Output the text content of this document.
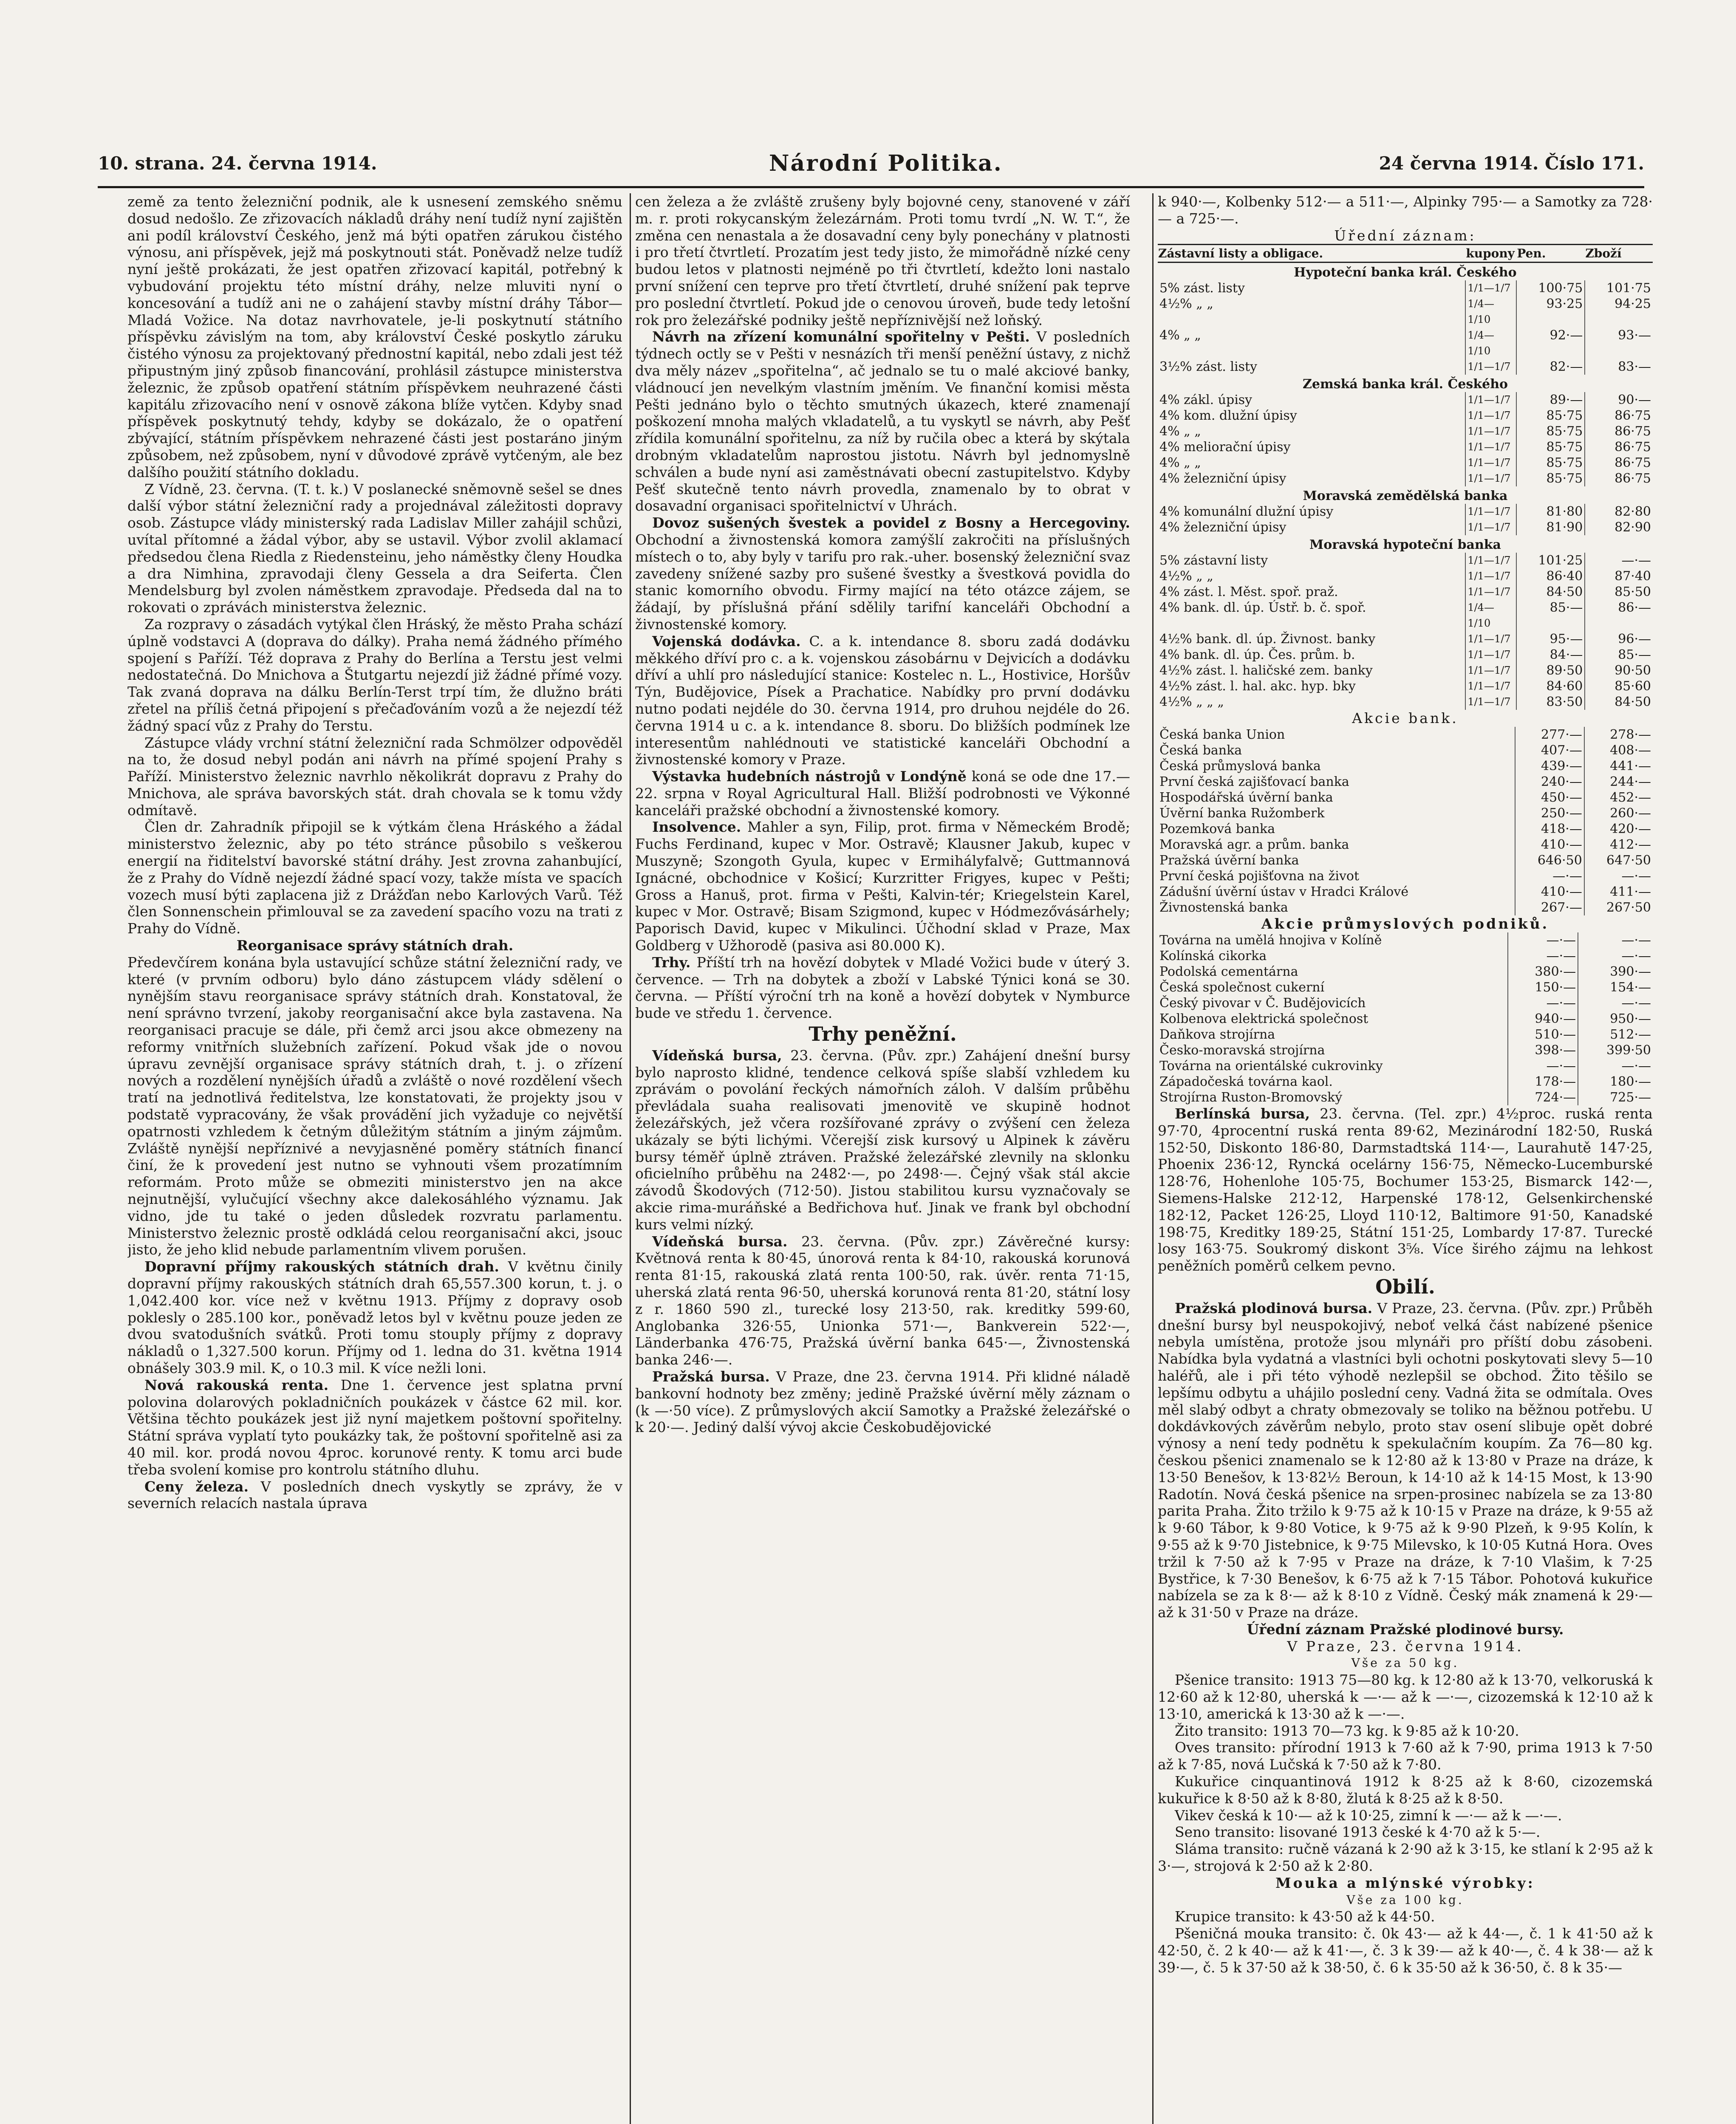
10. strana. 24. června 1914.	Národní Politika.	24 června 1914. Číslo 171.

země za tento železniční podnik, ale k usnesení zemského sněmu dosud nedošlo. Ze zřizovacích nákladů dráhy není tudíž nyní zajištěn ani podíl království Českého, jenž má býti opatřen zárukou čistého výnosu, ani příspěvek, jejž má poskytnouti stát. Poněvadž nelze tudíž nyní ještě prokázati, že jest opatřen zřizovací kapitál, potřebný k vybudování projektu této místní dráhy, nelze mluviti nyní o koncesování a tudíž ani ne o zahájení stavby místní dráhy Tábor—Mladá Vožice. Na dotaz navrhovatele, je-li poskytnutí státního příspěvku závislým na tom, aby království České poskytlo záruku čistého výnosu za projektovaný přednostní kapitál, nebo zdali jest též připustným jiný způsob financování, prohlásil zástupce ministerstva železnic, že způsob opatření státním příspěvkem neuhrazené části kapitálu zřizovacího není v osnově zákona blíže vytčen. Kdyby snad příspěvek poskytnutý tehdy, kdyby se dokázalo, že o opatření zbývající, státním příspěvkem nehrazené části jest postaráno jiným způsobem, než způsobem, nyní v důvodové zprávě vytčeným, ale bez dalšího použití státního dokladu.

Z Vídně, 23. června. (T. t. k.) V poslanecké sněmovně sešel se dnes další výbor státní železniční rady a projednával záležitosti dopravy osob. Zástupce vlády ministerský rada Ladislav Miller zahájil schůzi, uvítal přítomné a žádal výbor, aby se ustavil. Výbor zvolil aklamací předsedou člena Riedla z Riedensteinu, jeho náměstky členy Houdka a dra Nimhina, zpravodaji členy Gessela a dra Seiferta. Člen Mendelsburg byl zvolen náměstkem zpravodaje. Předseda dal na to rokovati o zprávách ministerstva železnic.

Za rozpravy o zásadách vytýkal člen Hráský, že město Praha schází úplně vodstavci A (doprava do dálky). Praha nemá žádného přímého spojení s Paříží. Též doprava z Prahy do Berlína a Terstu jest velmi nedostatečná. Do Mnichova a Štutgartu nejezdí již žádné přímé vozy. Tak zvaná doprava na dálku Berlín-Terst trpí tím, že dlužno bráti zřetel na příliš četná připojení s přečaďováním vozů a že nejezdí též žádný spací vůz z Prahy do Terstu.

Zástupce vlády vrchní státní železniční rada Schmölzer odpověděl na to, že dosud nebyl podán ani návrh na přímé spojení Prahy s Paříží. Ministerstvo železnic navrhlo několikrát dopravu z Prahy do Mnichova, ale správa bavorských stát. drah chovala se k tomu vždy odmítavě.

Člen dr. Zahradník připojil se k výtkám člena Hráského a žádal ministerstvo železnic, aby po této stránce působilo s veškerou energií na řiditelství bavorské státní dráhy. Jest zrovna zahanbující, že z Prahy do Vídně nejezdí žádné spací vozy, takže místa ve spacích vozech musí býti zaplacena již z Drážďan nebo Karlových Varů. Též člen Sonnenschein přimlouval se za zavedení spacího vozu na trati z Prahy do Vídně.

Reorganisace správy státních drah.

Předevčírem konána byla ustavující schůze státní železniční rady, ve které (v prvním odboru) bylo dáno zástupcem vlády sdělení o nynějším stavu reorganisace správy státních drah. Konstatoval, že není správno tvrzení, jakoby reorganisační akce byla zastavena. Na reorganisaci pracuje se dále, při čemž arci jsou akce obmezeny na reformy vnitřních služebních zařízení. Pokud však jde o novou úpravu zevnější organisace správy státních drah, t. j. o zřízení nových a rozdělení nynějších úřadů a zvláště o nové rozdělení všech tratí na jednotlivá ředitelstva, lze konstatovati, že projekty jsou v podstatě vypracovány, že však provádění jich vyžaduje co největší opatrnosti vzhledem k četným důležitým státním a jiným zájmům. Zvláště nynější nepříznivé a nevyjasněné poměry státních financí činí, že k provedení jest nutno se vyhnouti všem prozatímním reformám. Proto může se obmeziti ministerstvo jen na akce nejnutnější, vylučující všechny akce dalekosáhlého významu. Jak vidno, jde tu také o jeden důsledek rozvratu parlamentu. Ministerstvo železnic prostě odkládá celou reorganisační akci, jsouc jisto, že jeho klid nebude parlamentním vlivem porušen.

Dopravní příjmy rakouských státních drah. V květnu činily dopravní příjmy rakouských státních drah 65,557.300 korun, t. j. o 1,042.400 kor. více než v květnu 1913. Příjmy z dopravy osob poklesly o 285.100 kor., poněvadž letos byl v květnu pouze jeden ze dvou svatodušních svátků. Proti tomu stouply příjmy z dopravy nákladů o 1,327.500 korun. Příjmy od 1. ledna do 31. května 1914 obnášely 303.9 mil. K, o 10.3 mil. K více nežli loni.

Nová rakouská renta. Dne 1. července jest splatna první polovina dolarových pokladničních poukázek v částce 62 mil. kor. Většina těchto poukázek jest již nyní majetkem poštovní spořitelny. Státní správa vyplatí tyto poukázky tak, že poštovní spořitelně asi za 40 mil. kor. prodá novou 4proc. korunové renty. K tomu arci bude třeba svolení komise pro kontrolu státního dluhu.

Ceny železa. V posledních dnech vyskytly se zprávy, že v severních relacích nastala úprava

cen železa a že zvláště zrušeny byly bojovné ceny, stanovené v září m. r. proti rokycanským železárnám. Proti tomu tvrdí „N. W. T.“, že změna cen nenastala a že dosavadní ceny byly ponechány v platnosti i pro třetí čtvrtletí. Prozatím jest tedy jisto, že mimořádně nízké ceny budou letos v platnosti nejméně po tři čtvrtletí, kdežto loni nastalo první snížení cen teprve pro třetí čtvrtletí, druhé snížení pak teprve pro poslední čtvrtletí. Pokud jde o cenovou úroveň, bude tedy letošní rok pro železářské podniky ještě nepříznivější než loňský.

Návrh na zřízení komunální spořitelny v Pešti. V posledních týdnech octly se v Pešti v nesnázích tři menší peněžní ústavy, z nichž dva měly název „spořitelna“, ač jednalo se tu o malé akciové banky, vládnoucí jen nevelkým vlastním jměním. Ve finanční komisi města Pešti jednáno bylo o těchto smutných úkazech, které znamenají poškození mnoha malých vkladatelů, a tu vyskytl se návrh, aby Pešť zřídila komunální spořitelnu, za níž by ručila obec a která by skýtala drobným vkladatelům naprostou jistotu. Návrh byl jednomyslně schválen a bude nyní asi zaměstnávati obecní zastupitelstvo. Kdyby Pešť skutečně tento návrh provedla, znamenalo by to obrat v dosavadní organisaci spořitelnictví v Uhrách.

Dovoz sušených švestek a povidel z Bosny a Hercegoviny. Obchodní a živnostenská komora zamýšlí zakročiti na příslušných místech o to, aby byly v tarifu pro rak.-uher. bosenský železniční svaz zavedeny snížené sazby pro sušené švestky a švestková povidla do stanic komorního obvodu. Firmy mající na této otázce zájem, se žádají, by příslušná přání sdělily tarifní kanceláři Obchodní a živnostenské komory.

Vojenská dodávka. C. a k. intendance 8. sboru zadá dodávku měkkého dříví pro c. a k. vojenskou zásobárnu v Dejvicích a dodávku dříví a uhlí pro následující stanice: Kostelec n. L., Hostivice, Horšův Týn, Budějovice, Písek a Prachatice. Nabídky pro první dodávku nutno podati nejdéle do 30. června 1914, pro druhou nejdéle do 26. června 1914 u c. a k. intendance 8. sboru. Do bližších podmínek lze interesentům nahlédnouti ve statistické kanceláři Obchodní a živnostenské komory v Praze.

Výstavka hudebních nástrojů v Londýně koná se ode dne 17.—22. srpna v Royal Agricultural Hall. Bližší podrobnosti ve Výkonné kanceláři pražské obchodní a živnostenské komory.

Insolvence. Mahler a syn, Filip, prot. firma v Německém Brodě; Fuchs Ferdinand, kupec v Mor. Ostravě; Klausner Jakub, kupec v Muszyně; Szongoth Gyula, kupec v Ermihályfalvě; Guttmannová Ignácné, obchodnice v Košicí; Kurzritter Frigyes, kupec v Pešti; Gross a Hanuš, prot. firma v Pešti, Kalvin-tér; Kriegelstein Karel, kupec v Mor. Ostravě; Bisam Szigmond, kupec v Hódmezővásárhely; Paporisch David, kupec v Mikulinci. Účhodní sklad v Praze, Max Goldberg v Užhorodě (pasiva asi 80.000 K).

Trhy. Příští trh na hovězí dobytek v Mladé Vožici bude v úterý 3. července. — Trh na dobytek a zboží v Labské Týnici koná se 30. června. — Příští výroční trh na koně a hovězí dobytek v Nymburce bude ve středu 1. července.

Trhy peněžní.

Vídeňská bursa, 23. června. (Pův. zpr.) Zahájení dnešní bursy bylo naprosto klidné, tendence celková spíše slabší vzhledem ku zprávám o povolání řeckých námořních záloh. V dalším průběhu převládala suaha realisovati jmenovitě ve skupině hodnot železářských, jež včera rozšířované zprávy o zvýšení cen železa ukázaly se býti lichými. Včerejší zisk kursový u Alpinek k závěru bursy téměř úplně ztráven. Pražské železářské zlevnily na sklonku oficielního průběhu na 2482·—, po 2498·—. Čejný však stál akcie závodů Škodových (712·50). Jistou stabilitou kursu vyznačovaly se akcie rima-muráňské a Bedřichova huť. Jinak ve frank byl obchodní kurs velmi nízký.

Vídeňská bursa. 23. června. (Pův. zpr.) Závěrečné kursy: Květnová renta k 80·45, únorová renta k 84·10, rakouská korunová renta 81·15, rakouská zlatá renta 100·50, rak. úvěr. renta 71·15, uherská zlatá renta 96·50, uherská korunová renta 81·20, státní losy z r. 1860 590 zl., turecké losy 213·50, rak. kreditky 599·60, Anglobanka 326·55, Unionka 571·—, Bankverein 522·—, Länderbanka 476·75, Pražská úvěrní banka 645·—, Živnostenská banka 246·—.

Pražská bursa. V Praze, dne 23. června 1914. Při klidné náladě bankovní hodnoty bez změny; jedině Pražské úvěrní měly záznam o (k —·50 více). Z průmyslových akcií Samotky a Pražské železářské o k 20·—. Jediný další vývoj akcie Českobudějovické

k 940·—, Kolbenky 512·— a 511·—, Alpinky 795·— a Samotky za 728·— a 725·—.

Úřední záznam:
Zástavní listy a obligace.	kupony	Pen.	Zboží
Hypoteční banka král. Českého			
5% zást. listy	1/1—1/7	100·75	101·75
4½% „ „	1/4—1/10	93·25	94·25
4% „ „	1/4—1/10	92·—	93·—
3½% zást. listy	1/1—1/7	82·—	83·—
Zemská banka král. Českého			
4% zákl. úpisy	1/1—1/7	89·—	90·—
4% kom. dlužní úpisy	1/1—1/7	85·75	86·75
4% „ „	1/1—1/7	85·75	86·75
4% meliorační úpisy	1/1—1/7	85·75	86·75
4% „ „	1/1—1/7	85·75	86·75
4% železniční úpisy	1/1—1/7	85·75	86·75
Moravská zemědělská banka			
4% komunální dlužní úpisy	1/1—1/7	81·80	82·80
4% železniční úpisy	1/1—1/7	81·90	82·90
Moravská hypoteční banka			
5% zástavní listy	1/1—1/7	101·25	—·—
4½% „ „	1/1—1/7	86·40	87·40
4% zást. l. Měst. spoř. praž.	1/1—1/7	84·50	85·50
4% bank. dl. úp. Ústř. b. č. spoř.	1/4—1/10	85·—	86·—
4½% bank. dl. úp. Živnost. banky	1/1—1/7	95·—	96·—
4% bank. dl. úp. Čes. prům. b.	1/1—1/7	84·—	85·—
4½% zást. l. haličské zem. banky	1/1—1/7	89·50	90·50
4½% zást. l. hal. akc. hyp. bky	1/1—1/7	84·60	85·60
4½% „ „ „	1/1—1/7	83·50	84·50
Akcie bank.
Česká banka Union	277·—	278·—
Česká banka	407·—	408·—
Česká průmyslová banka	439·—	441·—
První česká zajišťovací banka	240·—	244·—
Hospodářská úvěrní banka	450·—	452·—
Úvěrní banka Ružomberk	250·—	260·—
Pozemková banka	418·—	420·—
Moravská agr. a prům. banka	410·—	412·—
Pražská úvěrní banka	646·50	647·50
První česká pojišťovna na život	—·—	—·—
Zádušní úvěrní ústav v Hradci Králové	410·—	411·—
Živnostenská banka	267·—	267·50
Akcie průmyslových podniků.
Továrna na umělá hnojiva v Kolíně	—·—	—·—
Kolínská cikorka	—·—	—·—
Podolská cementárna	380·—	390·—
Česká společnost cukerní	150·—	154·—
Český pivovar v Č. Budějovicích	—·—	—·—
Kolbenova elektrická společnost	940·—	950·—
Daňkova strojírna	510·—	512·—
Česko-moravská strojírna	398·—	399·50
Továrna na orientálské cukrovinky	—·—	—·—
Západočeská továrna kaol.	178·—	180·—
Strojírna Ruston-Bromovský	724·—	725·—

Berlínská bursa, 23. června. (Tel. zpr.) 4½proc. ruská renta 97·70, 4procentní ruská renta 89·62, Mezinárodní 182·50, Ruská 152·50, Diskonto 186·80, Darmstadtská 114·—, Laurahutě 147·25, Phoenix 236·12, Ryncká ocelárny 156·75, Německo-Lucemburské 128·76, Hohenlohe 105·75, Bochumer 153·25, Bismarck 142·—, Siemens-Halske 212·12, Harpenské 178·12, Gelsenkirchenské 182·12, Packet 126·25, Lloyd 110·12, Baltimore 91·50, Kanadské 198·75, Kreditky 189·25, Státní 151·25, Lombardy 17·87. Turecké losy 163·75. Soukromý diskont 3⅝. Více širého zájmu na lehkost peněžních poměrů celkem pevno.

Obilí.

Pražská plodinová bursa. V Praze, 23. června. (Pův. zpr.) Průběh dnešní bursy byl neuspokojivý, neboť velká část nabízené pšenice nebyla umístěna, protože jsou mlynáři pro příští dobu zásobeni. Nabídka byla vydatná a vlastníci byli ochotni poskytovati slevy 5—10 haléřů, ale i při této výhodě nezlepšil se obchod. Žito těšilo se lepšímu odbytu a uhájilo poslední ceny. Vadná žita se odmítala. Oves měl slabý odbyt a chraty obmezovaly se toliko na běžnou potřebu. U dokdávkových závěrům nebylo, proto stav osení slibuje opět dobré výnosy a není tedy podnětu k spekulačním koupím. Za 76—80 kg. českou pšenici znamenalo se k 12·80 až k 13·80 v Praze na dráze, k 13·50 Benešov, k 13·82½ Beroun, k 14·10 až k 14·15 Most, k 13·90 Radotín. Nová česká pšenice na srpen-prosinec nabízela se za 13·80 parita Praha. Žito tržilo k 9·75 až k 10·15 v Praze na dráze, k 9·55 až k 9·60 Tábor, k 9·80 Votice, k 9·75 až k 9·90 Plzeň, k 9·95 Kolín, k 9·55 až k 9·70 Jistebnice, k 9·75 Milevsko, k 10·05 Kutná Hora. Oves tržil k 7·50 až k 7·95 v Praze na dráze, k 7·10 Vlašim, k 7·25 Bystřice, k 7·30 Benešov, k 6·75 až k 7·15 Tábor. Pohotová kukuřice nabízela se za k 8·— až k 8·10 z Vídně. Český mák znamená k 29·— až k 31·50 v Praze na dráze.

Úřední záznam Pražské plodinové bursy.
V Praze, 23. června 1914.
Vše za 50 kg.

Pšenice transito: 1913 75—80 kg. k 12·80 až k 13·70, velkoruská k 12·60 až k 12·80, uherská k —·— až k —·—, cizozemská k 12·10 až k 13·10, americká k 13·30 až k —·—.

Žito transito: 1913 70—73 kg. k 9·85 až k 10·20.

Oves transito: přírodní 1913 k 7·60 až k 7·90, prima 1913 k 7·50 až k 7·85, nová Lučská k 7·50 až k 7·80.

Kukuřice cinquantinová 1912 k 8·25 až k 8·60, cizozemská kukuřice k 8·50 až k 8·80, žlutá k 8·25 až k 8·50.

Vikev česká k 10·— až k 10·25, zimní k —·— až k —·—.

Seno transito: lisované 1913 české k 4·70 až k 5·—.

Sláma transito: ručně vázaná k 2·90 až k 3·15, ke stlaní k 2·95 až k 3·—, strojová k 2·50 až k 2·80.

Mouka a mlýnské výrobky:
Vše za 100 kg.

Krupice transito: k 43·50 až k 44·50.

Pšeničná mouka transito: č. 0k 43·— až k 44·—, č. 1 k 41·50 až k 42·50, č. 2 k 40·— až k 41·—, č. 3 k 39·— až k 40·—, č. 4 k 38·— až k 39·—, č. 5 k 37·50 až k 38·50, č. 6 k 35·50 až k 36·50, č. 8 k 35·—
